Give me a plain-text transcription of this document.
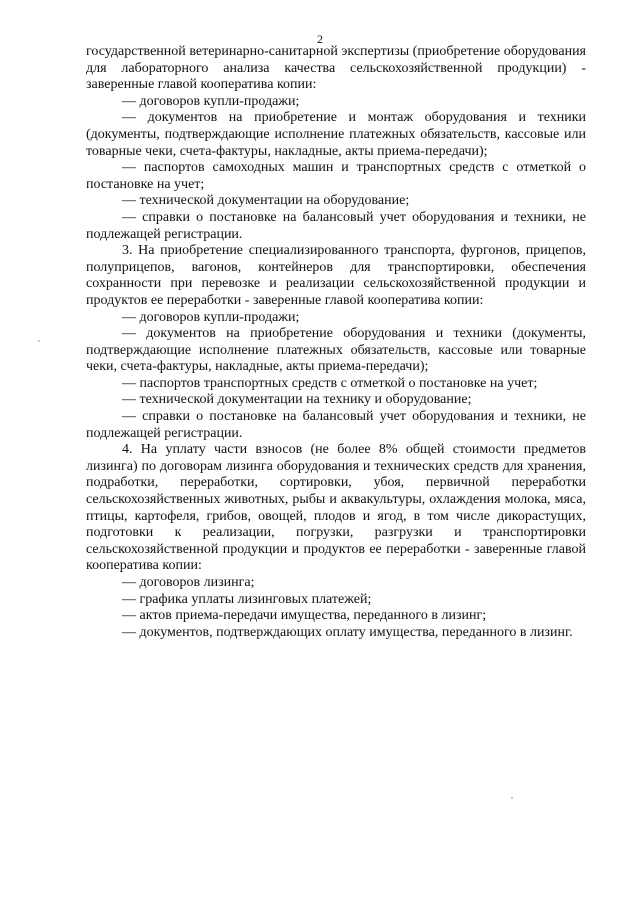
2

государственной ветеринарно-санитарной экспертизы (приобретение оборудования для лабораторного анализа качества сельскохозяйственной продукции) - заверенные главой кооператива копии:

— договоров купли-продажи;

— документов на приобретение и монтаж оборудования и техники (документы, подтверждающие исполнение платежных обязательств, кассовые или товарные чеки, счета-фактуры, накладные, акты приема-передачи);

— паспортов самоходных машин и транспортных средств с отметкой о постановке на учет;

— технической документации на оборудование;

— справки о постановке на балансовый учет оборудования и техники, не подлежащей регистрации.

3. На приобретение специализированного транспорта, фургонов, прицепов, полуприцепов, вагонов, контейнеров для транспортировки, обеспечения сохранности при перевозке и реализации сельскохозяйственной продукции и продуктов ее переработки - заверенные главой кооператива копии:

— договоров купли-продажи;

— документов на приобретение оборудования и техники (документы, подтверждающие исполнение платежных обязательств, кассовые или товарные чеки, счета-фактуры, накладные, акты приема-передачи);

— паспортов транспортных средств с отметкой о постановке на учет;

— технической документации на технику и оборудование;

— справки о постановке на балансовый учет оборудования и техники, не подлежащей регистрации.

4. На уплату части взносов (не более 8% общей стоимости предметов лизинга) по договорам лизинга оборудования и технических средств для хранения, подработки, переработки, сортировки, убоя, первичной переработки сельскохозяйственных животных, рыбы и аквакультуры, охлаждения молока, мяса, птицы, картофеля, грибов, овощей, плодов и ягод, в том числе дикорастущих, подготовки к реализации, погрузки, разгрузки и транспортировки сельскохозяйственной продукции и продуктов ее переработки - заверенные главой кооператива копии:

— договоров лизинга;

— графика уплаты лизинговых платежей;

— актов приема-передачи имущества, переданного в лизинг;

— документов, подтверждающих оплату имущества, переданного в лизинг.
